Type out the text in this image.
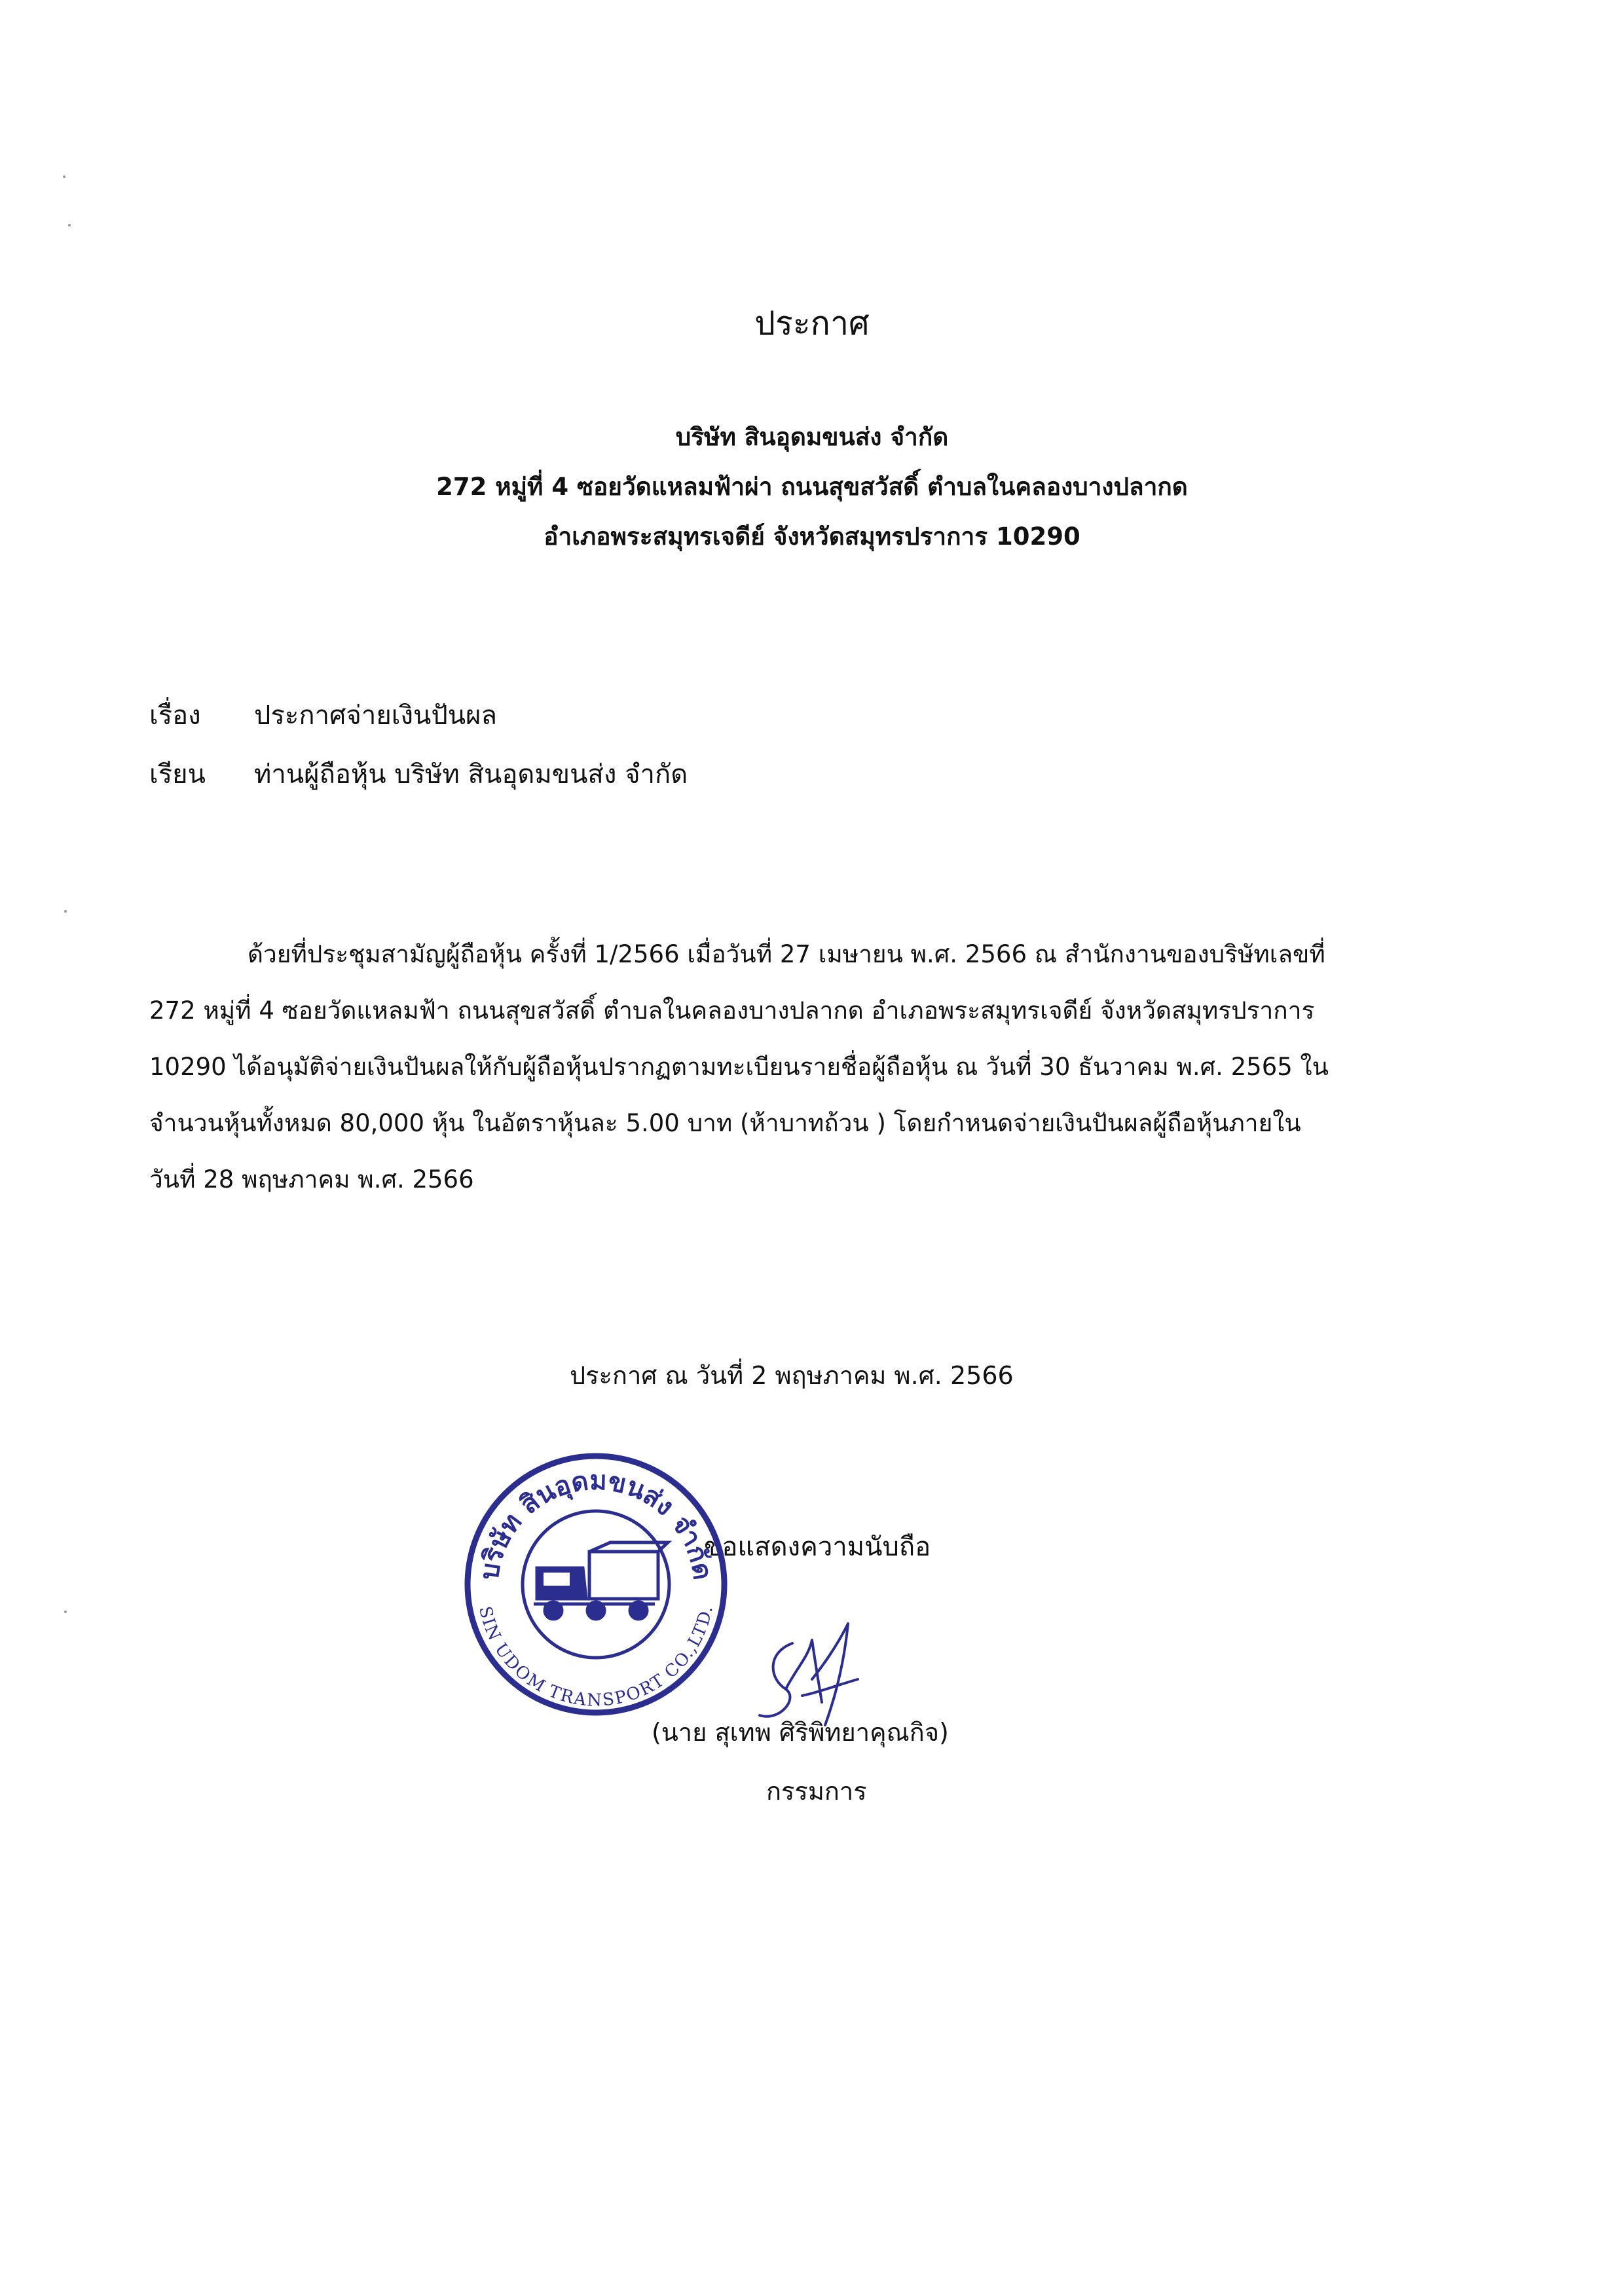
ประกาศ
บริษัท สินอุดมขนส่ง จำกัด
272 หมู่ที่ 4 ซอยวัดแหลมฟ้าผ่า ถนนสุขสวัสดิ์ ตำบลในคลองบางปลากด
อำเภอพระสมุทรเจดีย์ จังหวัดสมุทรปราการ 10290
เรื่อง ประกาศจ่ายเงินปันผล
เรียน ท่านผู้ถือหุ้น บริษัท สินอุดมขนส่ง จำกัด
ด้วยที่ประชุมสามัญผู้ถือหุ้น ครั้งที่ 1/2566 เมื่อวันที่ 27 เมษายน พ.ศ. 2566 ณ สำนักงานของบริษัทเลขที่
272 หมู่ที่ 4 ซอยวัดแหลมฟ้า ถนนสุขสวัสดิ์ ตำบลในคลองบางปลากด อำเภอพระสมุทรเจดีย์ จังหวัดสมุทรปราการ
10290 ได้อนุมัติจ่ายเงินปันผลให้กับผู้ถือหุ้นปรากฏตามทะเบียนรายชื่อผู้ถือหุ้น ณ วันที่ 30 ธันวาคม พ.ศ. 2565 ใน
จำนวนหุ้นทั้งหมด 80,000 หุ้น ในอัตราหุ้นละ 5.00 บาท (ห้าบาทถ้วน ) โดยกำหนดจ่ายเงินปันผลผู้ถือหุ้นภายใน
วันที่ 28 พฤษภาคม พ.ศ. 2566
ประกาศ ณ วันที่ 2 พฤษภาคม พ.ศ. 2566
ขอแสดงความนับถือ
บริษัท สินอุดมขนส่ง จำกัด
SIN UDOM TRANSPORT CO.,LTD.
(นาย สุเทพ ศิริพิทยาคุณกิจ)
กรรมการ
